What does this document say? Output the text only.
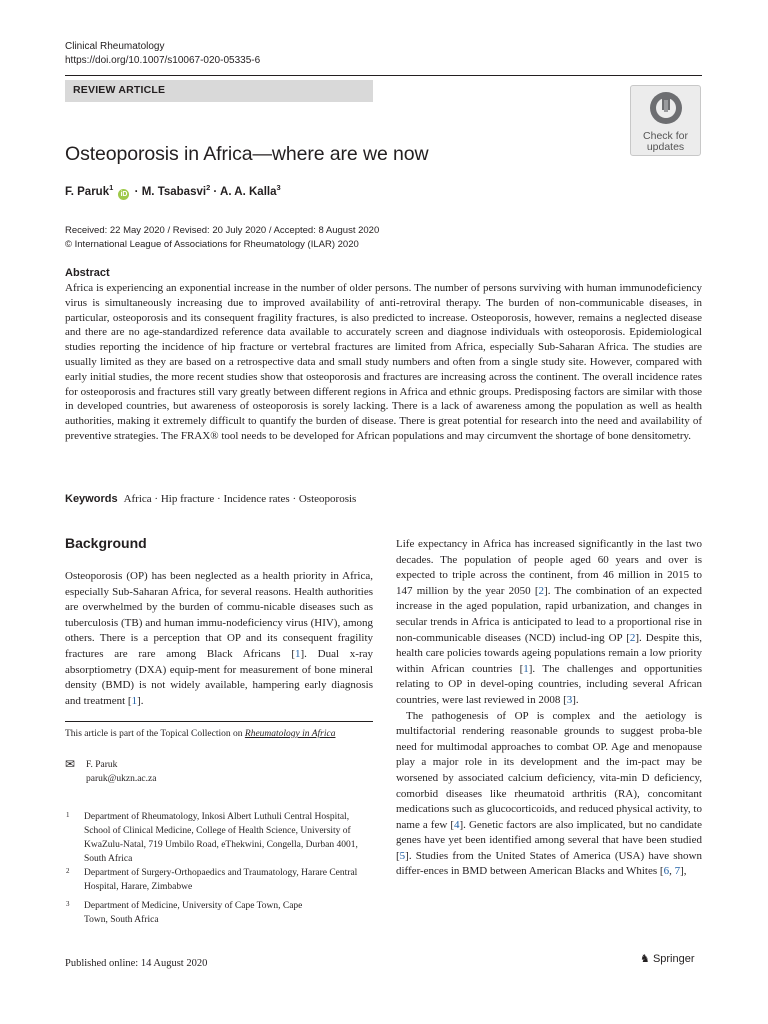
Clinical Rheumatology
https://doi.org/10.1007/s10067-020-05335-6
REVIEW ARTICLE
Check for
updates
Osteoporosis in Africa—where are we now
F. Paruk$^1$ iD · M. Tsabasvi$^2$ · A. A. Kalla$^3$
Received: 22 May 2020 / Revised: 20 July 2020 / Accepted: 8 August 2020
© International League of Associations for Rheumatology (ILAR) 2020
Abstract
Africa is experiencing an exponential increase in the number of older persons. The number of persons surviving with human immunodeficiency virus is simultaneously increasing due to improved availability of anti-retroviral therapy. The burden of non-communicable diseases, in particular, osteoporosis and its consequent fragility fractures, is also predicted to increase. Osteoporosis, however, remains a neglected disease and there are no age-standardized reference data available to accurately screen and diagnose individuals with osteoporosis. Epidemiological studies reporting the incidence of hip fracture or vertebral fractures are limited from Africa, especially Sub-Saharan Africa. The studies are usually limited as they are based on a retrospective data and small study numbers and often from a single study site. However, compared with early initial studies, the more recent studies show that osteoporosis and fractures are increasing across the continent. The overall incidence rates for osteoporosis and fractures still vary greatly between different regions in Africa and ethnic groups. Predisposing factors are similar with those in developed countries, but awareness of osteoporosis is sorely lacking. There is a lack of awareness among the population as well as health authorities, making it extremely difficult to quantify the burden of disease. There is great potential for research into the need and availability of preventive strategies. The FRAX® tool needs to be developed for African populations and may circumvent the shortage of bone densitometry.
Keywords Africa · Hip fracture · Incidence rates · Osteoporosis
Background
Osteoporosis (OP) has been neglected as a health priority in Africa, especially Sub-Saharan Africa, for several reasons. Health authorities are overwhelmed by the burden of commu-nicable diseases such as tuberculosis (TB) and human immu-nodeficiency virus (HIV), among others. There is a perception that OP and its consequent fragility fractures are rare among Black Africans [1]. Dual x-ray absorptiometry (DXA) equip-ment for measurement of bone mineral density (BMD) is not widely available, hampering early diagnosis and treatment [1].
This article is part of the Topical Collection on Rheumatology in Africa
✉ F. Paruk
paruk@ukzn.ac.za
1 Department of Rheumatology, Inkosi Albert Luthuli Central Hospital, School of Clinical Medicine, College of Health Science, University of KwaZulu-Natal, 719 Umbilo Road, eThekwini, Congella, Durban 4001, South Africa
2 Department of Surgery-Orthopaedics and Traumatology, Harare Central Hospital, Harare, Zimbabwe
3 Department of Medicine, University of Cape Town, Cape Town, South Africa

Life expectancy in Africa has increased significantly in the last two decades. The population of people aged 60 years and over is expected to triple across the continent, from 46 million in 2015 to 147 million by the year 2050 [2]. The combination of an expected increase in the aged population, rapid urbanization, and changes in secular trends in Africa is anticipated to lead to a proportional rise in non-communicable diseases (NCD) includ-ing OP [2]. Despite this, health care policies towards ageing populations remain a low priority within African countries [1]. The challenges and opportunities relating to OP in devel-oping countries, including several African countries, were last reviewed in 2008 [3].

The pathogenesis of OP is complex and the aetiology is multifactorial rendering reasonable grounds to suggest proba-ble need for multimodal approaches to combat OP. Age and menopause play a major role in its development and the im-pact may be worsened by associated calcium deficiency, vita-min D deficiency, comorbid diseases like rheumatoid arthritis (RA), concomitant medications such as glucocorticoids, and reduced physical activity, to name a few [4]. Genetic factors are also implicated, but no candidate genes have yet been identified among several that have been studied [5]. Studies from the United States of America (USA) have shown differ-ences in BMD between American Blacks and Whites [6, 7],

Published online: 14 August 2020	♞ Springer
